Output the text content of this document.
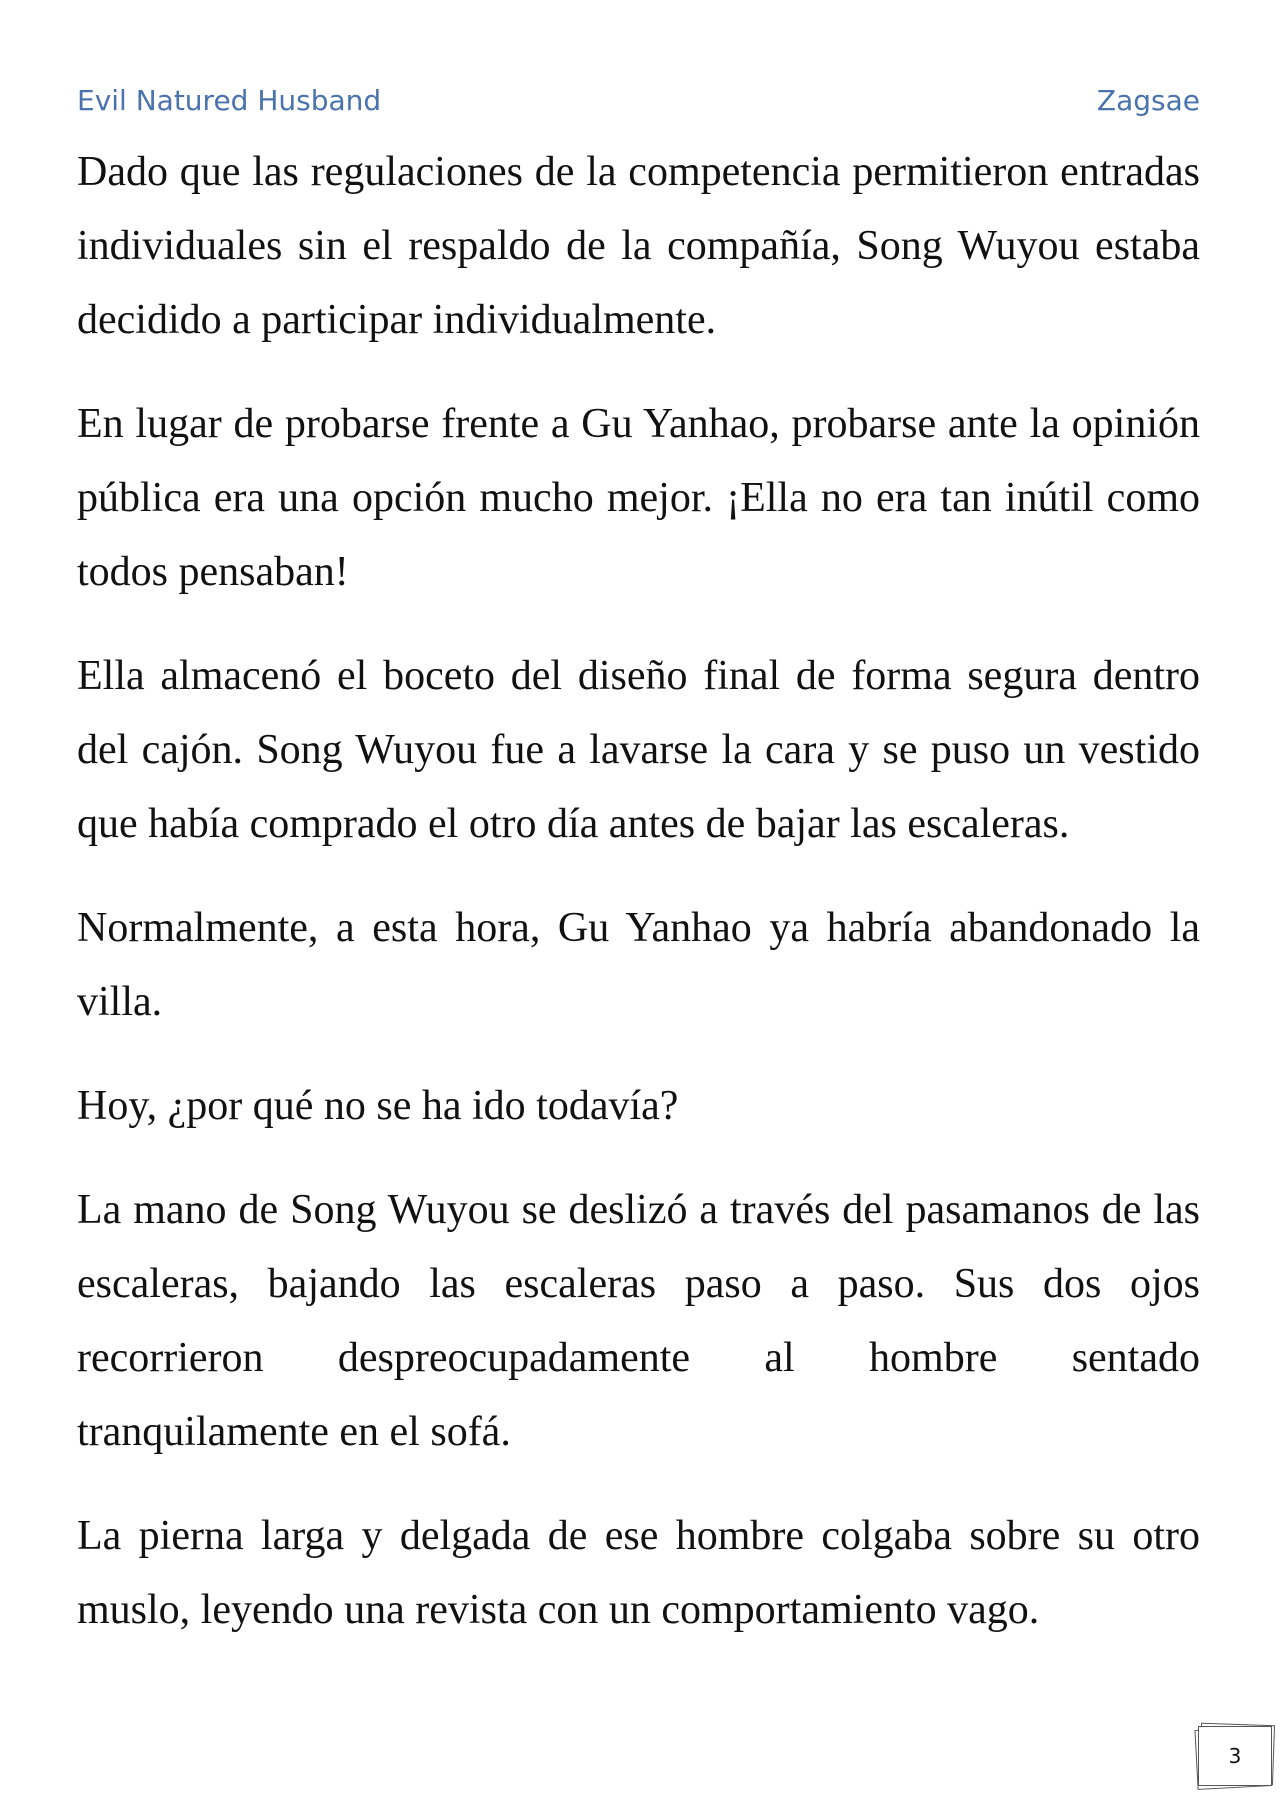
Evil Natured Husband	Zagsae

Dado que las regulaciones de la competencia permitieron entradas individuales sin el respaldo de la compañía, Song Wuyou estaba decidido a participar individualmente.

En lugar de probarse frente a Gu Yanhao, probarse ante la opinión pública era una opción mucho mejor. ¡Ella no era tan inútil como todos pensaban!

Ella almacenó el boceto del diseño final de forma segura dentro del cajón. Song Wuyou fue a lavarse la cara y se puso un vestido que había comprado el otro día antes de bajar las escaleras.

Normalmente, a esta hora, Gu Yanhao ya habría abandonado la villa.

Hoy, ¿por qué no se ha ido todavía?

La mano de Song Wuyou se deslizó a través del pasamanos de las escaleras, bajando las escaleras paso a paso. Sus dos ojos recorrieron despreocupadamente al hombre sentado tranquilamente en el sofá.

La pierna larga y delgada de ese hombre colgaba sobre su otro muslo, leyendo una revista con un comportamiento vago.

3
